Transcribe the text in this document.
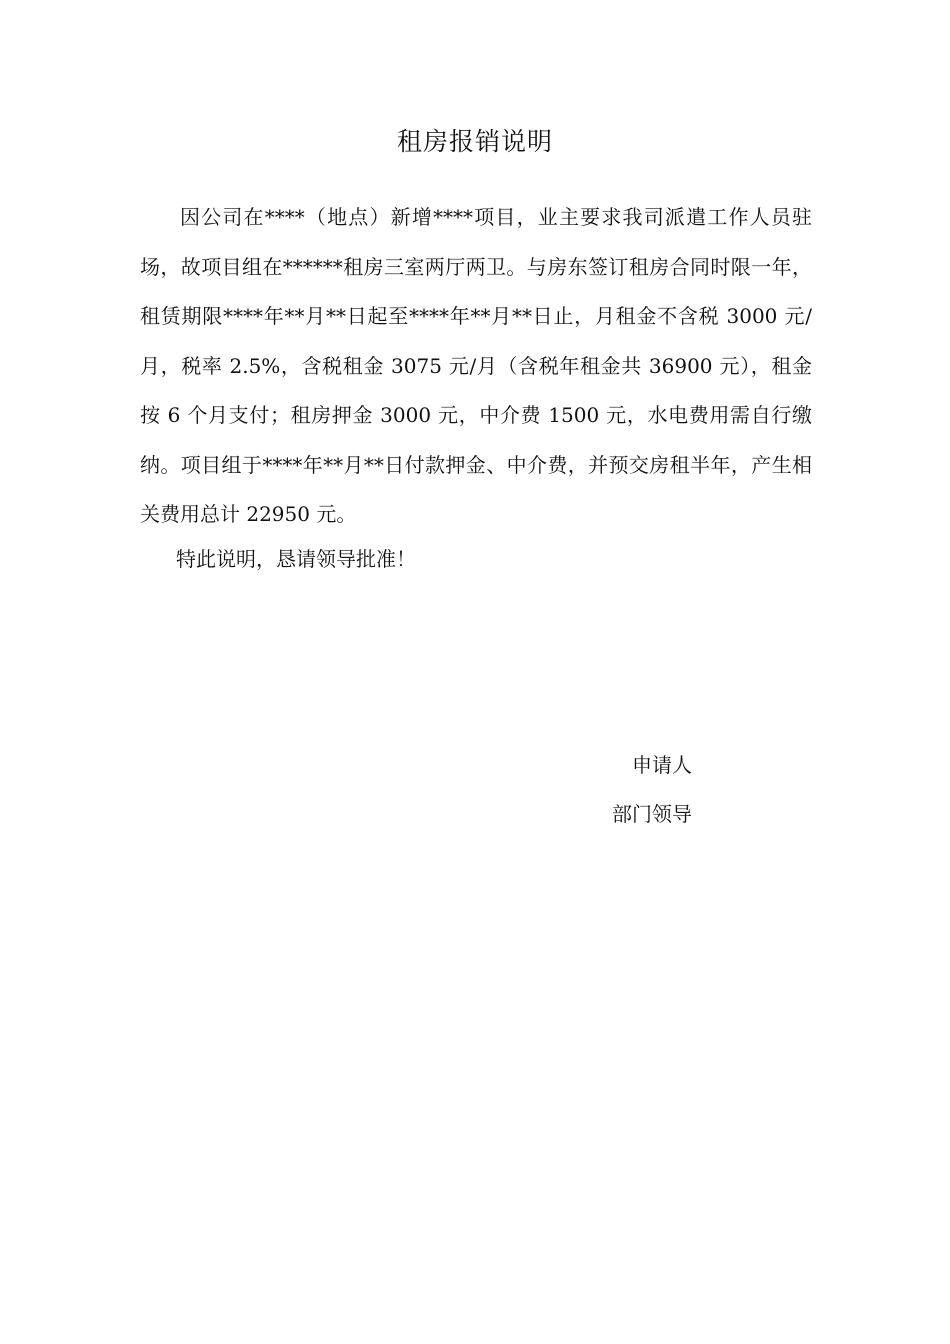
租房报销说明

因公司在****（地点）新增****项目，业主要求我司派遣工作人员驻场，故项目组在******租房三室两厅两卫。与房东签订租房合同时限一年，租赁期限****年**月**日起至****年**月**日止，月租金不含税 3000 元/月，税率 2.5%，含税租金 3075 元/月（含税年租金共 36900 元），租金按 6 个月支付；租房押金 3000 元，中介费 1500 元，水电费用需自行缴纳。项目组于****年**月**日付款押金、中介费，并预交房租半年，产生相关费用总计 22950 元。

特此说明，恳请领导批准！

申请人

部门领导
